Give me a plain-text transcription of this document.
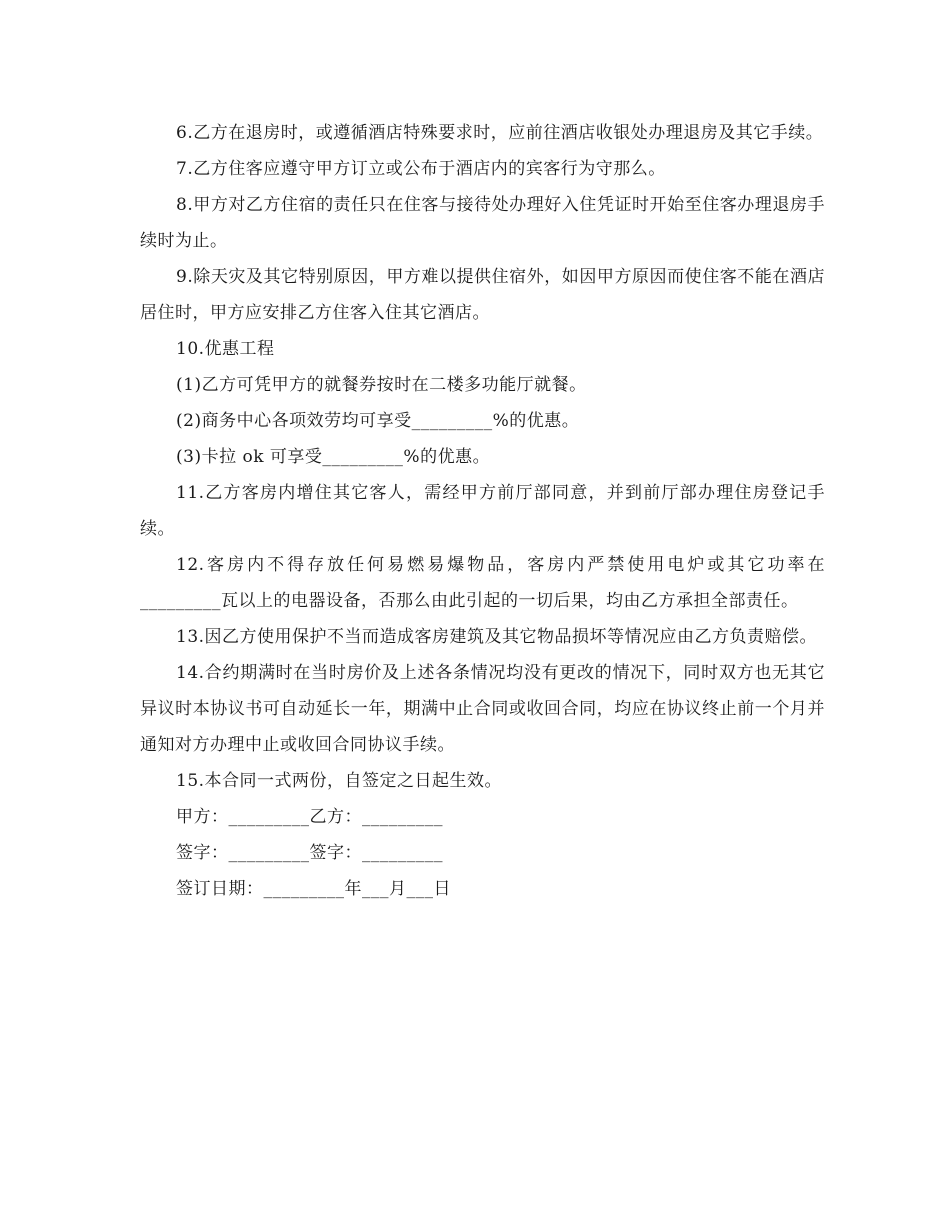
6.乙方在退房时，或遵循酒店特殊要求时，应前往酒店收银处办理退房及其它手续。

7.乙方住客应遵守甲方订立或公布于酒店内的宾客行为守那么。

8.甲方对乙方住宿的责任只在住客与接待处办理好入住凭证时开始至住客办理退房手续时为止。

9.除天灾及其它特别原因，甲方难以提供住宿外，如因甲方原因而使住客不能在酒店居住时，甲方应安排乙方住客入住其它酒店。

10.优惠工程

(1)乙方可凭甲方的就餐券按时在二楼多功能厅就餐。

(2)商务中心各项效劳均可享受_________%的优惠。

(3)卡拉 ok 可享受_________%的优惠。

11.乙方客房内增住其它客人，需经甲方前厅部同意，并到前厅部办理住房登记手续。

12.客房内不得存放任何易燃易爆物品，客房内严禁使用电炉或其它功率在_________瓦以上的电器设备，否那么由此引起的一切后果，均由乙方承担全部责任。

13.因乙方使用保护不当而造成客房建筑及其它物品损坏等情况应由乙方负责赔偿。

14.合约期满时在当时房价及上述各条情况均没有更改的情况下，同时双方也无其它异议时本协议书可自动延长一年，期满中止合同或收回合同，均应在协议终止前一个月并通知对方办理中止或收回合同协议手续。

15.本合同一式两份，自签定之日起生效。

甲方：_________乙方：_________

签字：_________签字：_________

签订日期：_________年___月___日
